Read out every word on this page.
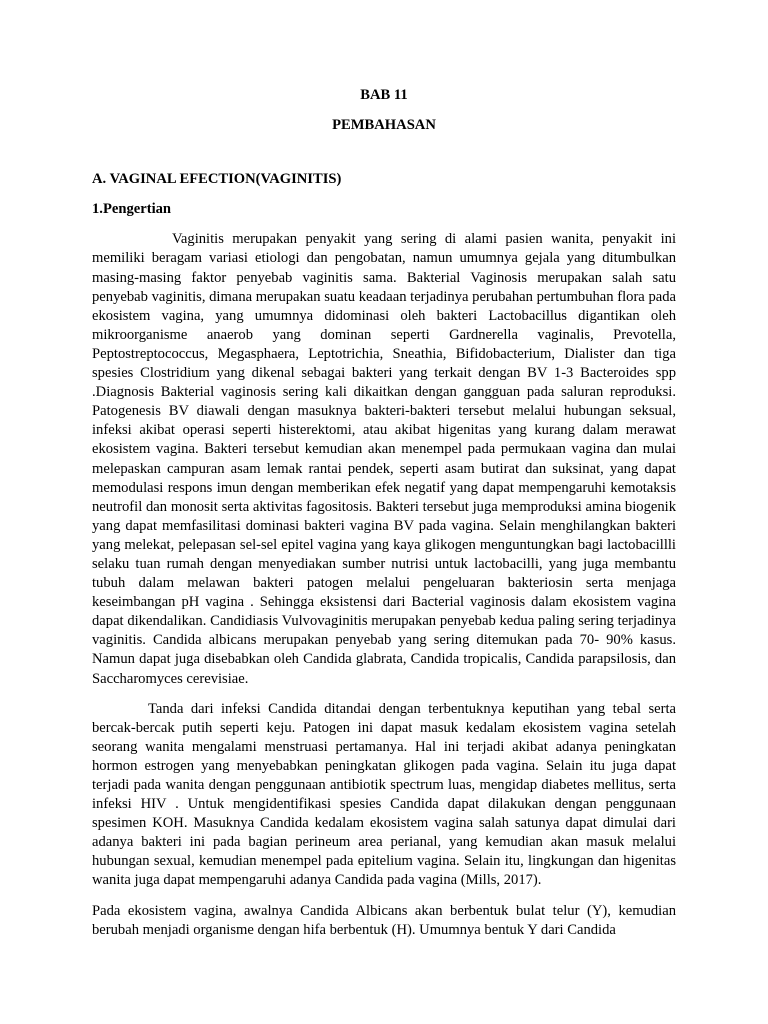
BAB 11

PEMBAHASAN

A. VAGINAL EFECTION(VAGINITIS)

1.Pengertian

Vaginitis merupakan penyakit yang sering di alami pasien wanita, penyakit ini memiliki beragam variasi etiologi dan pengobatan, namun umumnya gejala yang ditumbulkan masing-masing faktor penyebab vaginitis sama. Bakterial Vaginosis merupakan salah satu penyebab vaginitis, dimana merupakan suatu keadaan terjadinya perubahan pertumbuhan flora pada ekosistem vagina, yang umumnya didominasi oleh bakteri Lactobacillus digantikan oleh mikroorganisme anaerob yang dominan seperti Gardnerella vaginalis, Prevotella, Peptostreptococcus, Megasphaera, Leptotrichia, Sneathia, Bifidobacterium, Dialister dan tiga spesies Clostridium yang dikenal sebagai bakteri yang terkait dengan BV 1-3 Bacteroides spp .Diagnosis Bakterial vaginosis sering kali dikaitkan dengan gangguan pada saluran reproduksi. Patogenesis BV diawali dengan masuknya bakteri-bakteri tersebut melalui hubungan seksual, infeksi akibat operasi seperti histerektomi, atau akibat higenitas yang kurang dalam merawat ekosistem vagina. Bakteri tersebut kemudian akan menempel pada permukaan vagina dan mulai melepaskan campuran asam lemak rantai pendek, seperti asam butirat dan suksinat, yang dapat memodulasi respons imun dengan memberikan efek negatif yang dapat mempengaruhi kemotaksis neutrofil dan monosit serta aktivitas fagositosis. Bakteri tersebut juga memproduksi amina biogenik yang dapat memfasilitasi dominasi bakteri vagina BV pada vagina. Selain menghilangkan bakteri yang melekat, pelepasan sel-sel epitel vagina yang kaya glikogen menguntungkan bagi lactobacillli selaku tuan rumah dengan menyediakan sumber nutrisi untuk lactobacilli, yang juga membantu tubuh dalam melawan bakteri patogen melalui pengeluaran bakteriosin serta menjaga keseimbangan pH vagina . Sehingga eksistensi dari Bacterial vaginosis dalam ekosistem vagina dapat dikendalikan. Candidiasis Vulvovaginitis merupakan penyebab kedua paling sering terjadinya vaginitis. Candida albicans merupakan penyebab yang sering ditemukan pada 70- 90% kasus. Namun dapat juga disebabkan oleh Candida glabrata, Candida tropicalis, Candida parapsilosis, dan Saccharomyces cerevisiae.

Tanda dari infeksi Candida ditandai dengan terbentuknya keputihan yang tebal serta bercak-bercak putih seperti keju. Patogen ini dapat masuk kedalam ekosistem vagina setelah seorang wanita mengalami menstruasi pertamanya. Hal ini terjadi akibat adanya peningkatan hormon estrogen yang menyebabkan peningkatan glikogen pada vagina. Selain itu juga dapat terjadi pada wanita dengan penggunaan antibiotik spectrum luas, mengidap diabetes mellitus, serta infeksi HIV . Untuk mengidentifikasi spesies Candida dapat dilakukan dengan penggunaan spesimen KOH. Masuknya Candida kedalam ekosistem vagina salah satunya dapat dimulai dari adanya bakteri ini pada bagian perineum area perianal, yang kemudian akan masuk melalui hubungan sexual, kemudian menempel pada epitelium vagina. Selain itu, lingkungan dan higenitas wanita juga dapat mempengaruhi adanya Candida pada vagina (Mills, 2017).

Pada ekosistem vagina, awalnya Candida Albicans akan berbentuk bulat telur (Y), kemudian berubah menjadi organisme dengan hifa berbentuk (H). Umumnya bentuk Y dari Candida
